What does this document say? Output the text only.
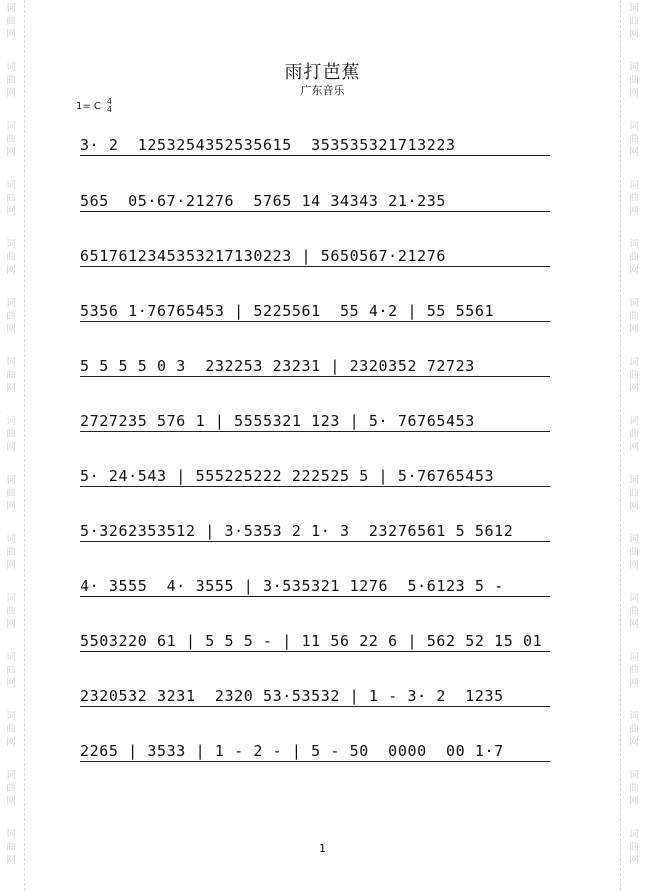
词
曲
网
词
曲
网
词
曲
网
词
曲
网
词
曲
网
词
曲
网
词
曲
网
词
曲
网
词
曲
网
词
曲
网
词
曲
网
词
曲
网
词
曲
网
词
曲
网
词
曲
网
词
曲
网
词
曲
网
词
曲
网
词
曲
网
词
曲
网
词
曲
网
词
曲
网
词
曲
网
词
曲
网
词
曲
网
词
曲
网
词
曲
网
词
曲
网
词
曲
网
词
曲
网
雨打芭蕉
广东音乐
1= C 4
4
3· 2  1253254352535615  353535321713223
565  05·67·21276  5765 14 34343 21·235
6517612345353217130223 | 5650567·21276
5356 1·76765453 | 5225561  55 4·2 | 55 5561
5 5 5 5 0 3  232253 23231 | 2320352 72723
2727235 576 1 | 5555321 123 | 5· 76765453
5· 24·543 | 555225222 222525 5 | 5·76765453
5·3262353512 | 3·5353 2 1· 3  23276561 5 5612
4· 3555  4· 3555 | 3·535321 1276  5·6123 5 -
5503220 61 | 5 5 5 - | 11 56 22 6 | 562 52 15 01
2320532 3231  2320 53·53532 | 1 - 3· 2  1235
2265 | 3533 | 1 - 2 - | 5 - 50  0000  00 1·7
1
